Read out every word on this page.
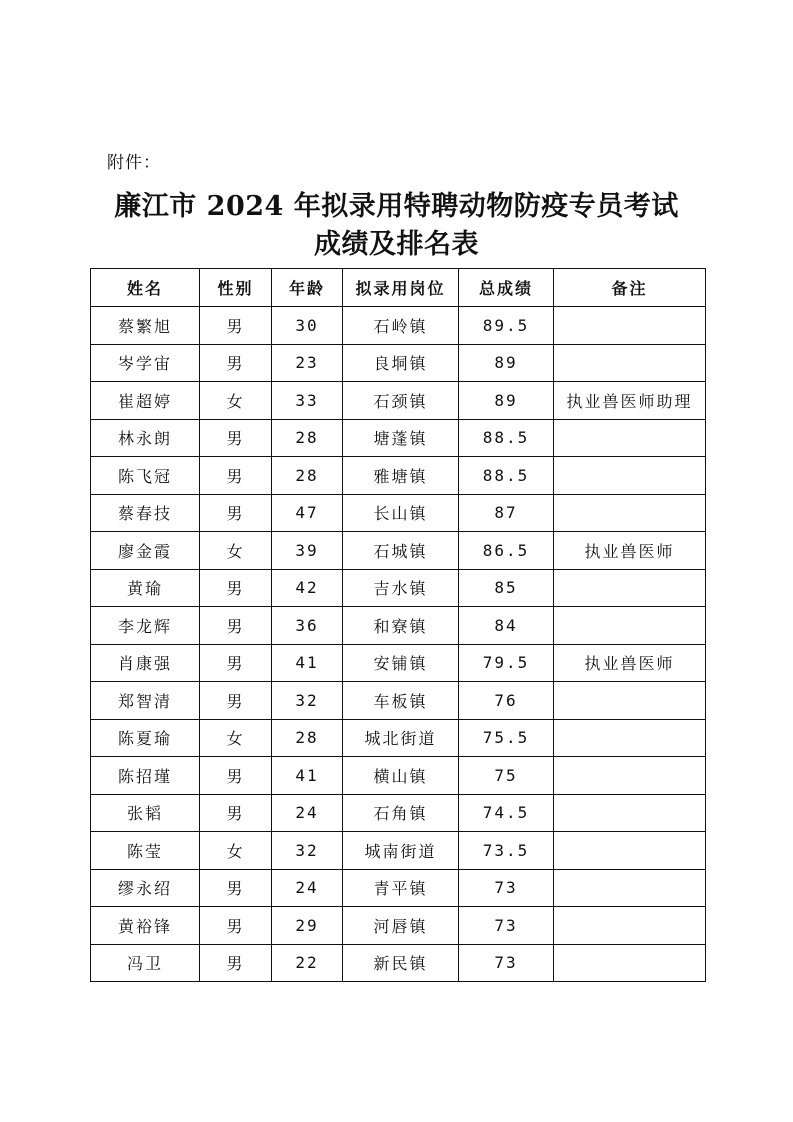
附件：
廉江市 2024 年拟录用特聘动物防疫专员考试
成绩及排名表
姓名	性别	年龄	拟录用岗位	总成绩	备注
蔡繁旭	男	30	石岭镇	89.5	
岑学宙	男	23	良垌镇	89	
崔超婷	女	33	石颈镇	89	执业兽医师助理
林永朗	男	28	塘蓬镇	88.5	
陈飞冠	男	28	雅塘镇	88.5	
蔡春技	男	47	长山镇	87	
廖金霞	女	39	石城镇	86.5	执业兽医师
黄瑜	男	42	吉水镇	85	
李龙辉	男	36	和寮镇	84	
肖康强	男	41	安铺镇	79.5	执业兽医师
郑智清	男	32	车板镇	76	
陈夏瑜	女	28	城北街道	75.5	
陈招瑾	男	41	横山镇	75	
张韬	男	24	石角镇	74.5	
陈莹	女	32	城南街道	73.5	
缪永绍	男	24	青平镇	73	
黄裕锋	男	29	河唇镇	73	
冯卫	男	22	新民镇	73	
